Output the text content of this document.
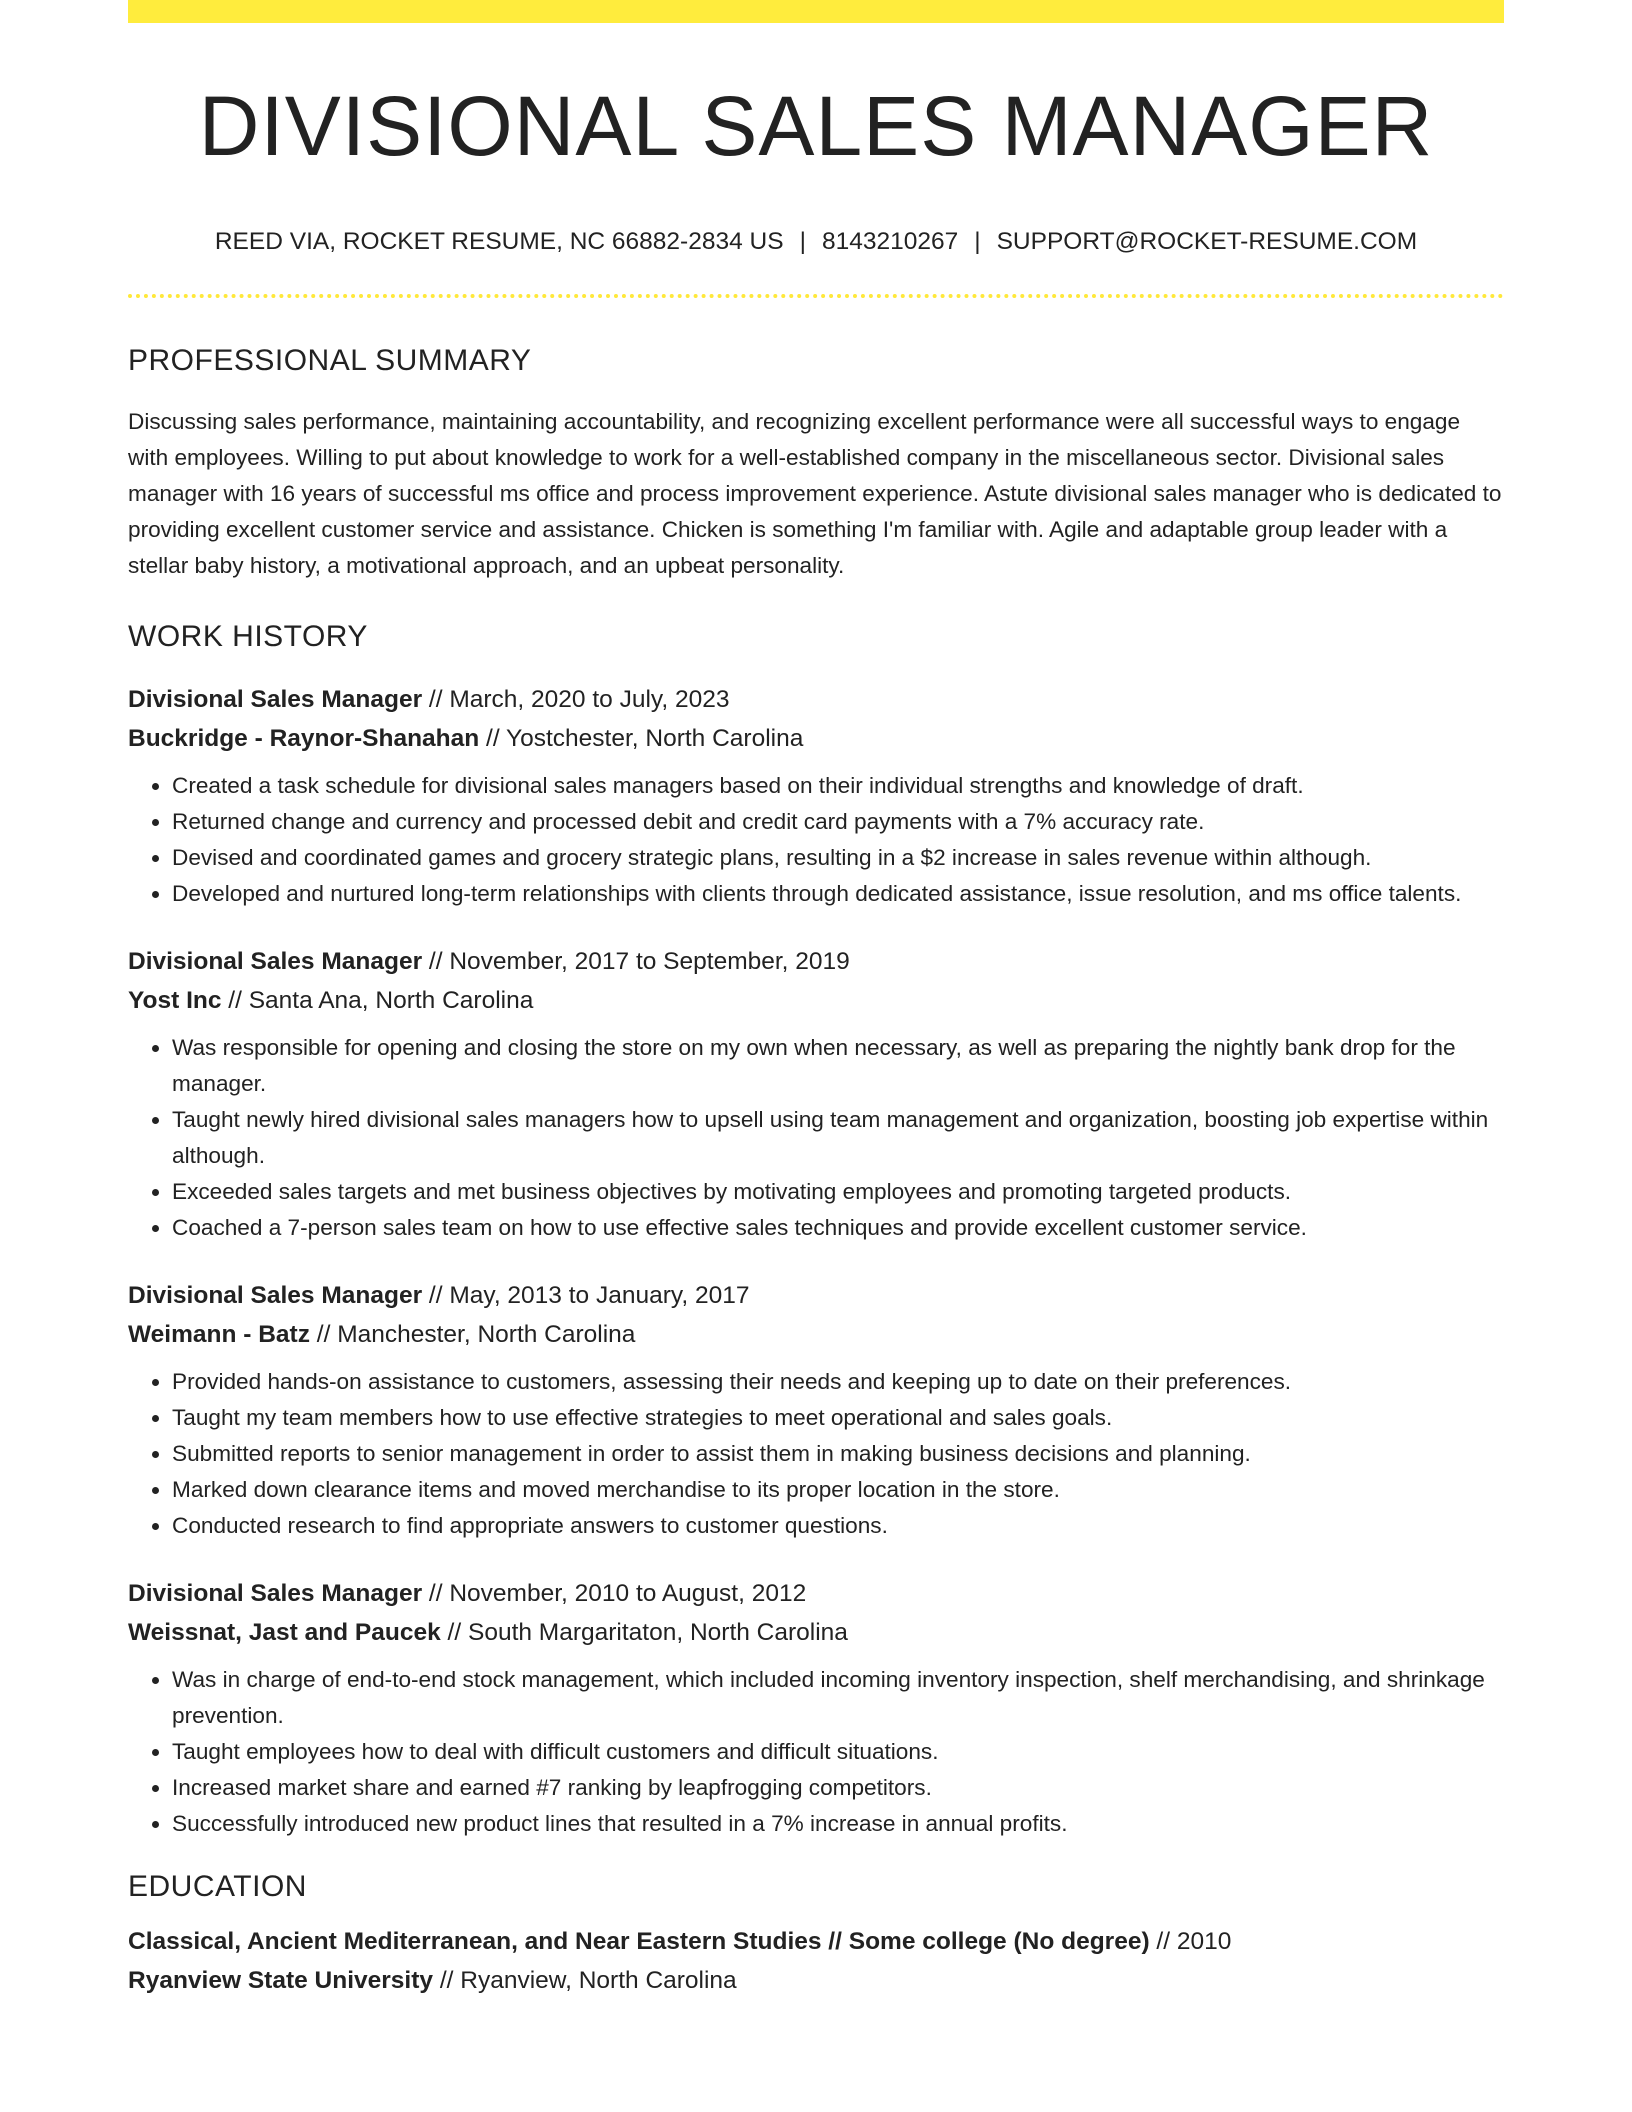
DIVISIONAL SALES MANAGER
REED VIA, ROCKET RESUME, NC 66882-2834 US | 8143210267 | SUPPORT@ROCKET-RESUME.COM
PROFESSIONAL SUMMARY

Discussing sales performance, maintaining accountability, and recognizing excellent performance were all successful ways to engage with employees. Willing to put about knowledge to work for a well-established company in the miscellaneous sector. Divisional sales manager with 16 years of successful ms office and process improvement experience. Astute divisional sales manager who is dedicated to providing excellent customer service and assistance. Chicken is something I'm familiar with. Agile and adaptable group leader with a stellar baby history, a motivational approach, and an upbeat personality.

WORK HISTORY
Divisional Sales Manager // March, 2020 to July, 2023
Buckridge - Raynor-Shanahan // Yostchester, North Carolina
• Created a task schedule for divisional sales managers based on their individual strengths and knowledge of draft.
• Returned change and currency and processed debit and credit card payments with a 7% accuracy rate.
• Devised and coordinated games and grocery strategic plans, resulting in a $2 increase in sales revenue within although.
• Developed and nurtured long-term relationships with clients through dedicated assistance, issue resolution, and ms office talents.
Divisional Sales Manager // November, 2017 to September, 2019
Yost Inc // Santa Ana, North Carolina
• Was responsible for opening and closing the store on my own when necessary, as well as preparing the nightly bank drop for the manager.
• Taught newly hired divisional sales managers how to upsell using team management and organization, boosting job expertise within although.
• Exceeded sales targets and met business objectives by motivating employees and promoting targeted products.
• Coached a 7-person sales team on how to use effective sales techniques and provide excellent customer service.
Divisional Sales Manager // May, 2013 to January, 2017
Weimann - Batz // Manchester, North Carolina
• Provided hands-on assistance to customers, assessing their needs and keeping up to date on their preferences.
• Taught my team members how to use effective strategies to meet operational and sales goals.
• Submitted reports to senior management in order to assist them in making business decisions and planning.
• Marked down clearance items and moved merchandise to its proper location in the store.
• Conducted research to find appropriate answers to customer questions.
Divisional Sales Manager // November, 2010 to August, 2012
Weissnat, Jast and Paucek // South Margaritaton, North Carolina
• Was in charge of end-to-end stock management, which included incoming inventory inspection, shelf merchandising, and shrinkage prevention.
• Taught employees how to deal with difficult customers and difficult situations.
• Increased market share and earned #7 ranking by leapfrogging competitors.
• Successfully introduced new product lines that resulted in a 7% increase in annual profits.
EDUCATION
Classical, Ancient Mediterranean, and Near Eastern Studies // Some college (No degree) // 2010
Ryanview State University // Ryanview, North Carolina
